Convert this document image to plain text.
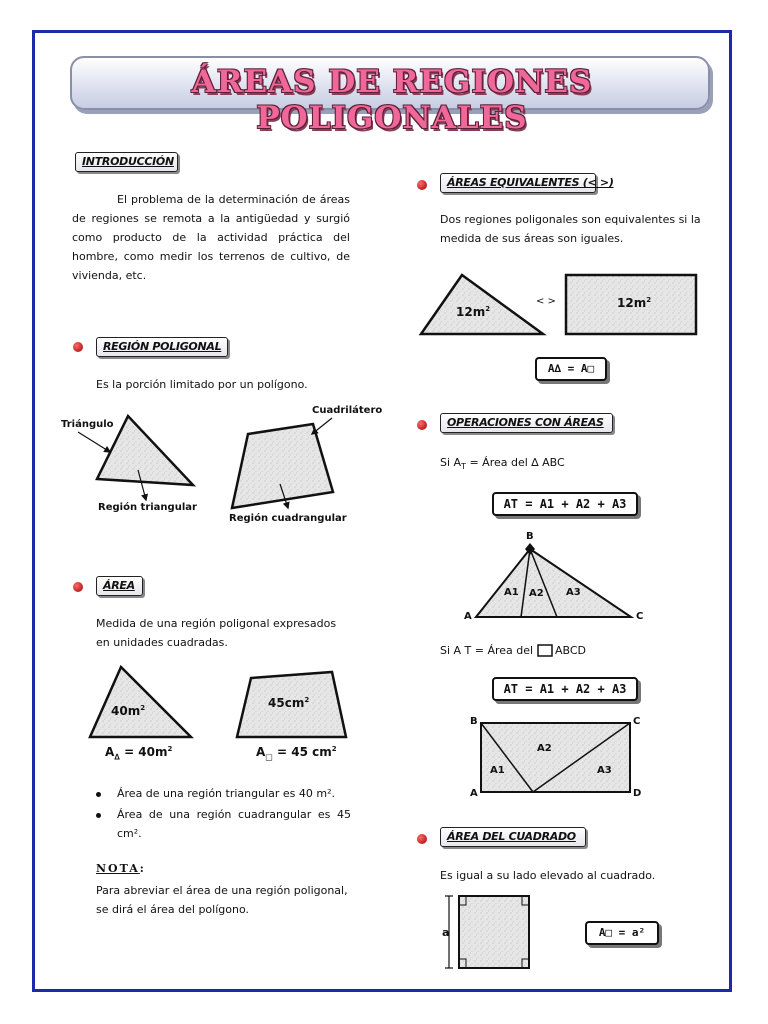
ÁREAS DE REGIONES POLIGONALES
INTRODUCCIÓN
El problema de la determinación de áreas de regiones se remota a la antigüedad y surgió como producto de la actividad práctica del hombre, como medir los terrenos de cultivo, de vivienda, etc.
REGIÓN POLIGONAL
Es la porción limitado por un polígono.
Triángulo
Región triangular
Cuadrilátero
Región cuadrangular
ÁREA
Medida de una región poligonal expresados en unidades cuadradas.
$40m^2$	$45cm^2$
$A_\Delta = 40m^2$	$A_□ = 45$ $cm^2$
Área de una región triangular es 40 m².
Área de una región cuadrangular es 45 cm².
NOTA:
Para abreviar el área de una región poligonal, se dirá el área del polígono.
ÁREAS EQUIVALENTES (< >)
Dos regiones poligonales son equivalentes si la medida de sus áreas son iguales.
$12m^2$
< >	$12m^2$
A∆ = A□
OPERACIONES CON ÁREAS
Si $A_T$ = Área del ∆ ABC
AT = A1 + A2 + A3
B
A	C
A1 A2 A3
Si A T = Área del ABCD
AT = A1 + A2 + A3
B	C
A	D
A1
A2
A3
ÁREA DEL CUADRADO
Es igual a su lado elevado al cuadrado.
a	A□ = a²
